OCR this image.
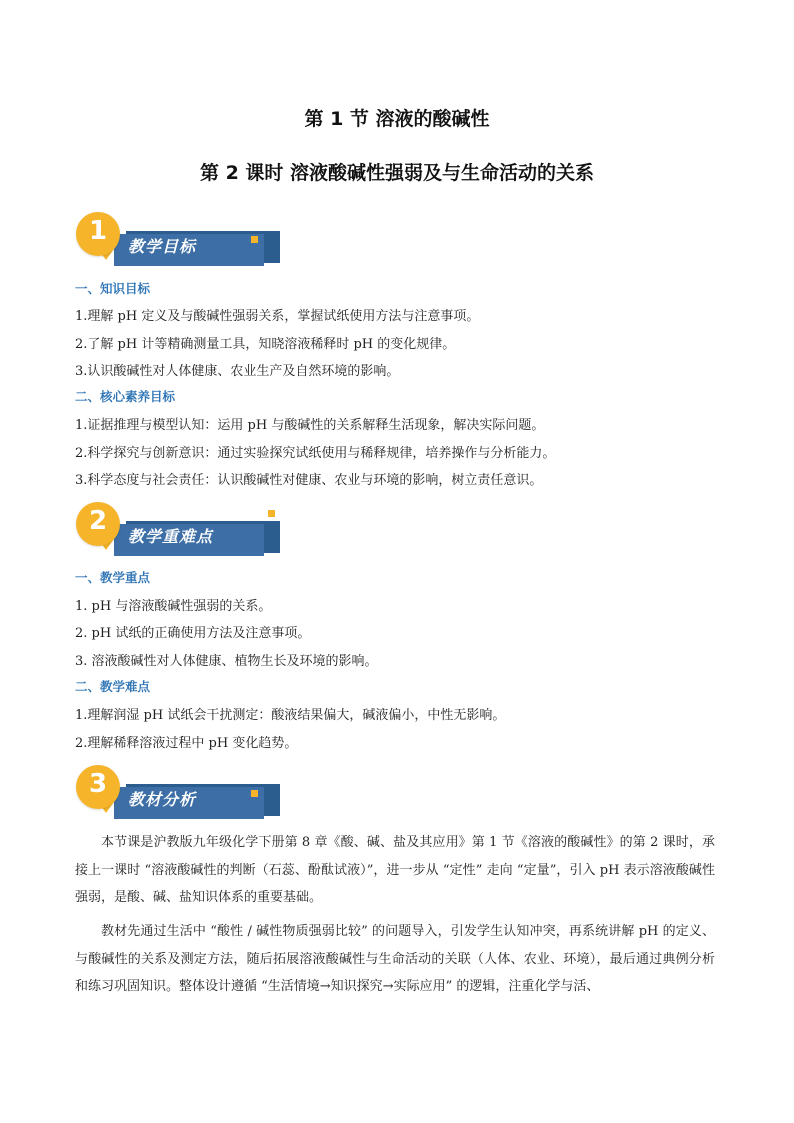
第 1 节 溶液的酸碱性
第 2 课时 溶液酸碱性强弱及与生命活动的关系
教学目标
1
一、知识目标
1.理解 pH 定义及与酸碱性强弱关系，掌握试纸使用方法与注意事项。
2.了解 pH 计等精确测量工具，知晓溶液稀释时 pH 的变化规律。
3.认识酸碱性对人体健康、农业生产及自然环境的影响。
二、核心素养目标
1.证据推理与模型认知：运用 pH 与酸碱性的关系解释生活现象，解决实际问题。
2.科学探究与创新意识：通过实验探究试纸使用与稀释规律，培养操作与分析能力。
3.科学态度与社会责任：认识酸碱性对健康、农业与环境的影响，树立责任意识。
教学重难点
2
一、教学重点
1. pH 与溶液酸碱性强弱的关系。
2. pH 试纸的正确使用方法及注意事项。
3. 溶液酸碱性对人体健康、植物生长及环境的影响。
二、教学难点
1.理解润湿 pH 试纸会干扰测定：酸液结果偏大，碱液偏小，中性无影响。
2.理解稀释溶液过程中 pH 变化趋势。
教材分析
3
本节课是沪教版九年级化学下册第 8 章《酸、碱、盐及其应用》第 1 节《溶液的酸碱性》的第 2 课时，承接上一课时 “溶液酸碱性的判断（石蕊、酚酞试液）”，进一步从 “定性” 走向 “定量”，引入 pH 表示溶液酸碱性强弱，是酸、碱、盐知识体系的重要基础。
教材先通过生活中 “酸性 / 碱性物质强弱比较” 的问题导入，引发学生认知冲突，再系统讲解 pH 的定义、与酸碱性的关系及测定方法，随后拓展溶液酸碱性与生命活动的关联（人体、农业、环境），最后通过典例分析和练习巩固知识。整体设计遵循 “生活情境→知识探究→实际应用” 的逻辑，注重化学与活、
